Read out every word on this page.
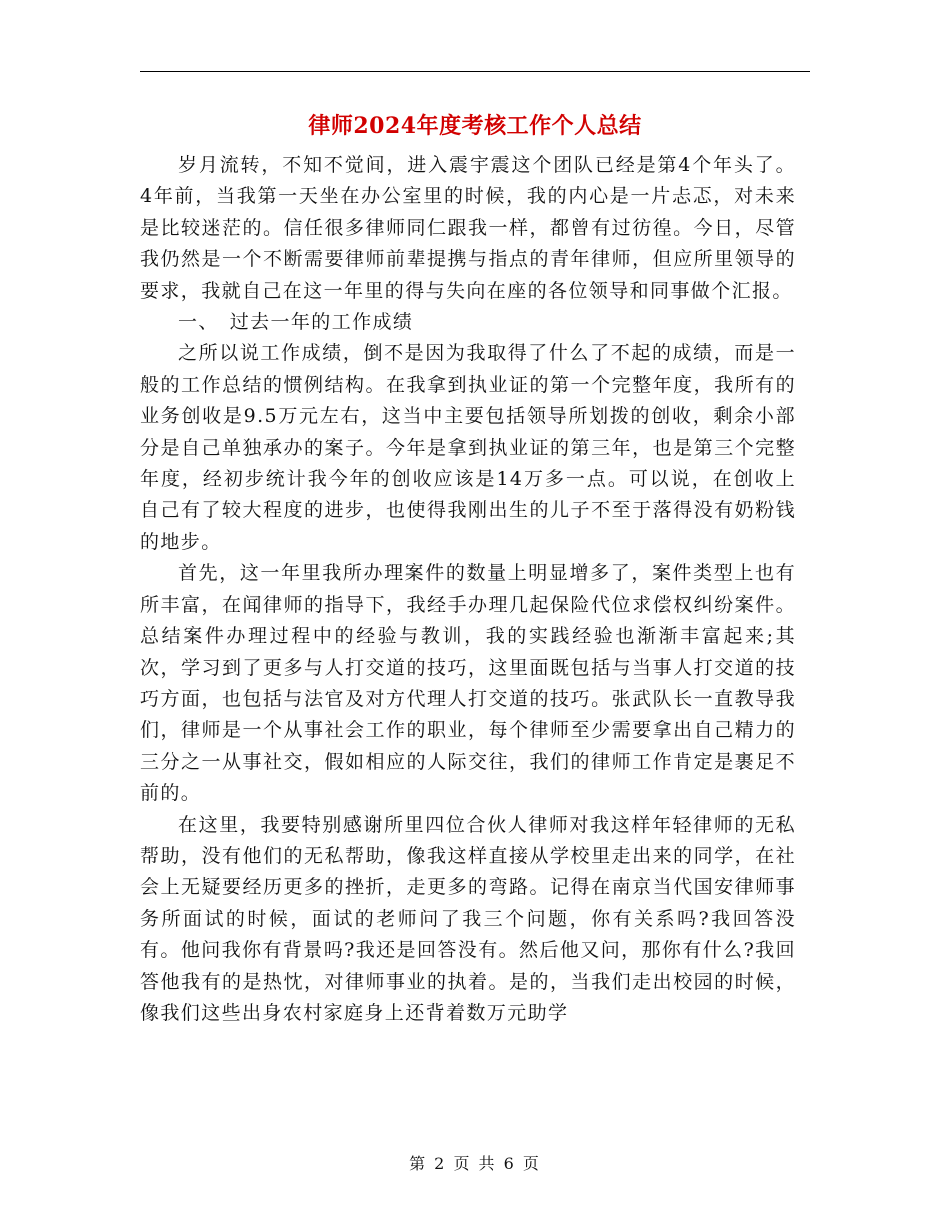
律师2024年度考核工作个人总结

岁月流转，不知不觉间，进入震宇震这个团队已经是第4个年头了。4年前，当我第一天坐在办公室里的时候，我的内心是一片忐忑，对未来是比较迷茫的。信任很多律师同仁跟我一样，都曾有过彷徨。今日，尽管我仍然是一个不断需要律师前辈提携与指点的青年律师，但应所里领导的要求，我就自己在这一年里的得与失向在座的各位领导和同事做个汇报。

一、　过去一年的工作成绩

之所以说工作成绩，倒不是因为我取得了什么了不起的成绩，而是一般的工作总结的惯例结构。在我拿到执业证的第一个完整年度，我所有的业务创收是9.5万元左右，这当中主要包括领导所划拨的创收，剩余小部分是自己单独承办的案子。今年是拿到执业证的第三年，也是第三个完整年度，经初步统计我今年的创收应该是14万多一点。可以说，在创收上自己有了较大程度的进步，也使得我刚出生的儿子不至于落得没有奶粉钱的地步。

首先，这一年里我所办理案件的数量上明显增多了，案件类型上也有所丰富，在闻律师的指导下，我经手办理几起保险代位求偿权纠纷案件。总结案件办理过程中的经验与教训，我的实践经验也渐渐丰富起来;其次，学习到了更多与人打交道的技巧，这里面既包括与当事人打交道的技巧方面，也包括与法官及对方代理人打交道的技巧。张武队长一直教导我们，律师是一个从事社会工作的职业，每个律师至少需要拿出自己精力的三分之一从事社交，假如相应的人际交往，我们的律师工作肯定是裹足不前的。

在这里，我要特别感谢所里四位合伙人律师对我这样年轻律师的无私帮助，没有他们的无私帮助，像我这样直接从学校里走出来的同学，在社会上无疑要经历更多的挫折，走更多的弯路。记得在南京当代国安律师事务所面试的时候，面试的老师问了我三个问题，你有关系吗?我回答没有。他问我你有背景吗?我还是回答没有。然后他又问，那你有什么?我回答他我有的是热忱，对律师事业的执着。是的，当我们走出校园的时候，像我们这些出身农村家庭身上还背着数万元助学

第 2 页 共 6 页
